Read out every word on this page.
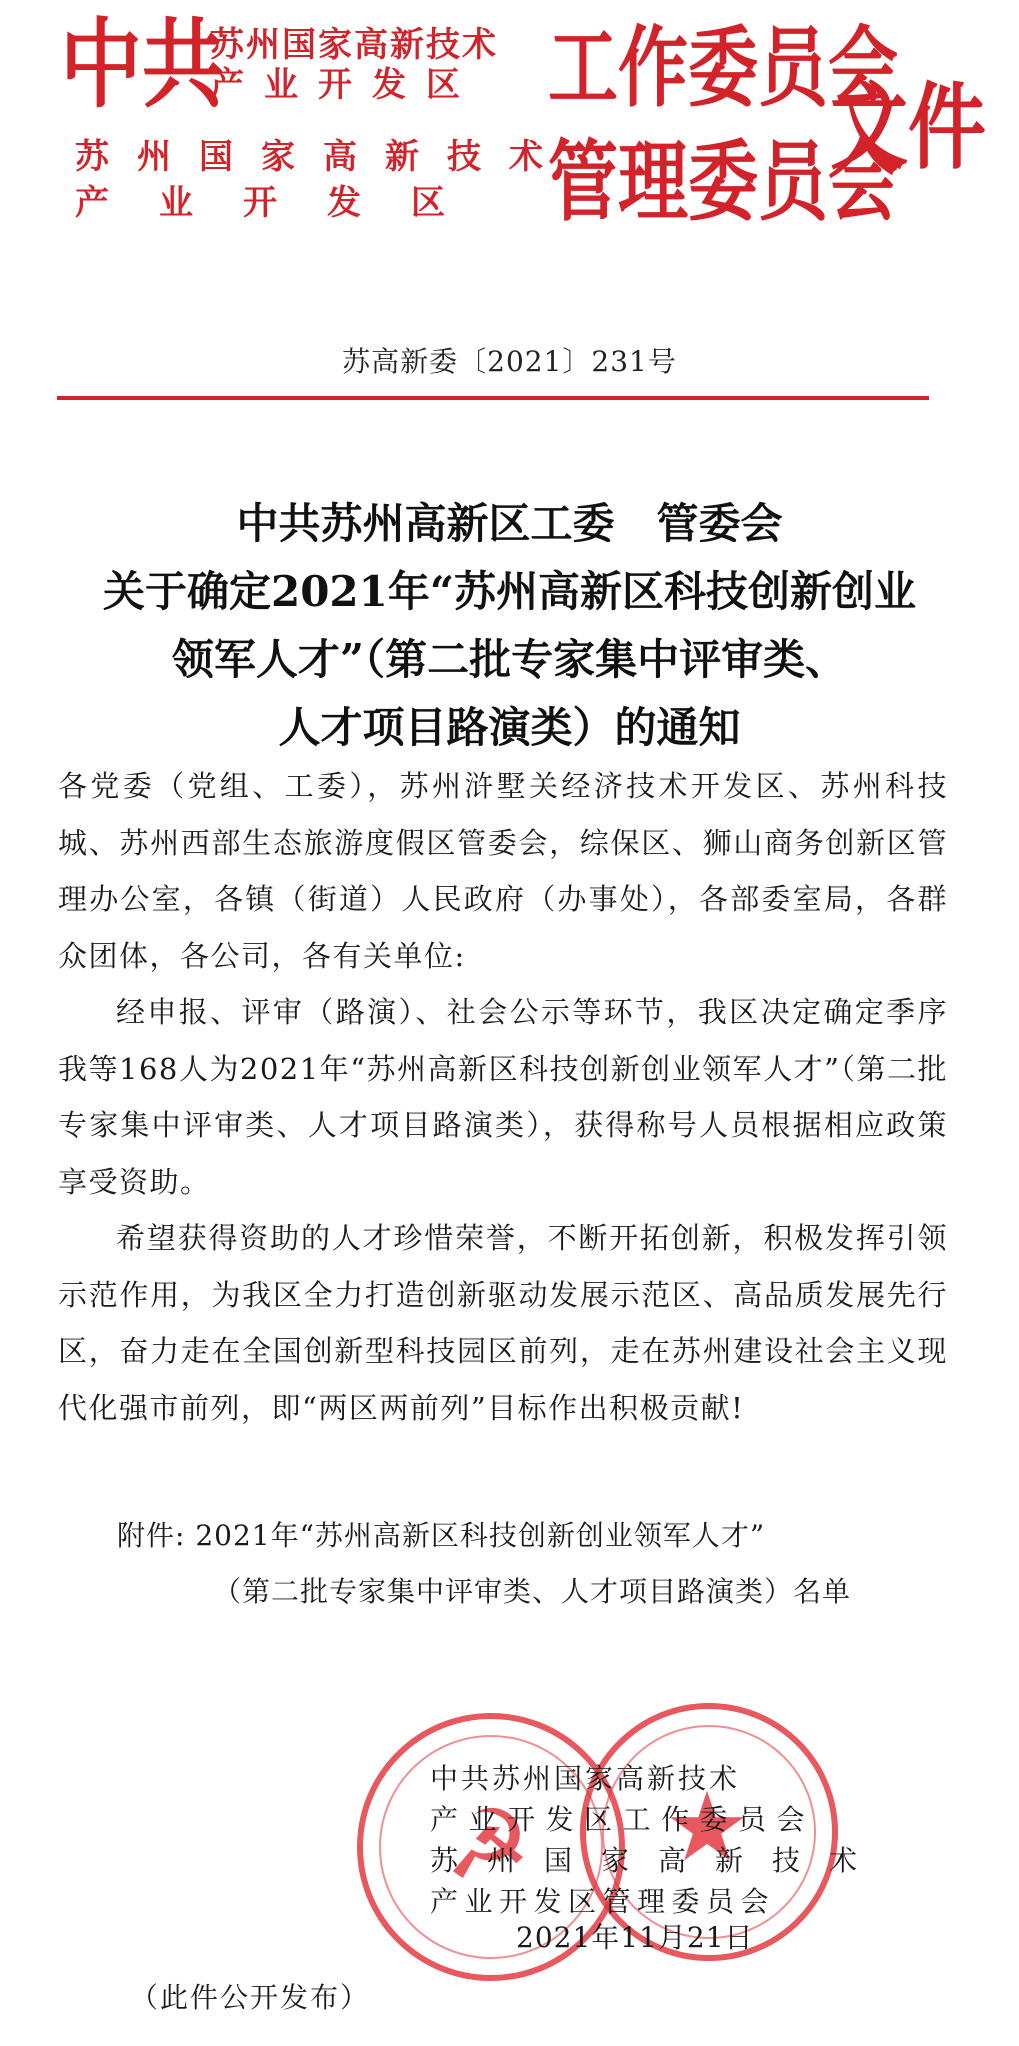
中共
苏州国家高新技术
产业开发区 工作委员会
苏州国家高新技术
产业开发区 管理委员会
文件
苏高新委〔2021〕231号
中共苏州高新区工委　管委会
关于确定2021年“苏州高新区科技创新创业
领军人才”（第二批专家集中评审类、
人才项目路演类）的通知

各党委（党组、工委），苏州浒墅关经济技术开发区、苏州科技城、苏州西部生态旅游度假区管委会，综保区、狮山商务创新区管理办公室，各镇（街道）人民政府（办事处），各部委室局，各群众团体，各公司，各有关单位:

经申报、评审（路演）、社会公示等环节，我区决定确定季序我等168人为2021年“苏州高新区科技创新创业领军人才”（第二批专家集中评审类、人才项目路演类），获得称号人员根据相应政策享受资助。

希望获得资助的人才珍惜荣誉，不断开拓创新，积极发挥引领示范作用，为我区全力打造创新驱动发展示范区、高品质发展先行区，奋力走在全国创新型科技园区前列，走在苏州建设社会主义现代化强市前列，即“两区两前列”目标作出积极贡献!

附件: 2021年“苏州高新区科技创新创业领军人才”
（第二批专家集中评审类、人才项目路演类）名单
☭ ★
中共苏州国家高新技术
产业开发区工作委员会
苏州国家高新技术
产业开发区管理委员会
2021年11月21日
（此件公开发布）
